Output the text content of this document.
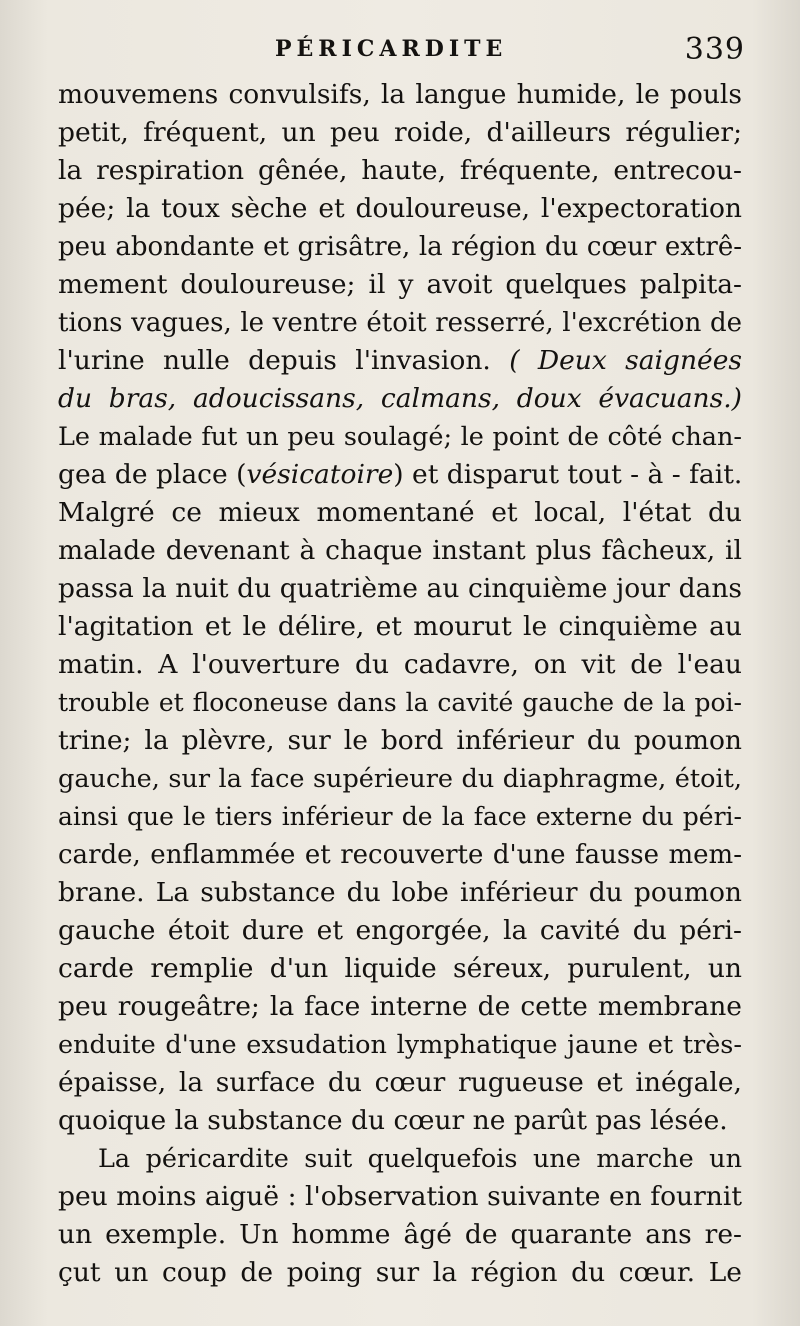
PÉRICARDITE	339
mouvemens convulsifs, la langue humide, le pouls
petit, fréquent, un peu roide, d'ailleurs régulier;
la respiration gênée, haute, fréquente, entrecou-
pée; la toux sèche et douloureuse, l'expectoration
peu abondante et grisâtre, la région du cœur extrê-
mement douloureuse; il y avoit quelques palpita-
tions vagues, le ventre étoit resserré, l'excrétion de
l'urine nulle depuis l'invasion. ( Deux saignées
du bras, adoucissans, calmans, doux évacuans.)
Le malade fut un peu soulagé; le point de côté chan-
gea de place (vésicatoire) et disparut tout - à - fait.
Malgré ce mieux momentané et local, l'état du
malade devenant à chaque instant plus fâcheux, il
passa la nuit du quatrième au cinquième jour dans
l'agitation et le délire, et mourut le cinquième au
matin. A l'ouverture du cadavre, on vit de l'eau
trouble et floconeuse dans la cavité gauche de la poi-
trine; la plèvre, sur le bord inférieur du poumon
gauche, sur la face supérieure du diaphragme, étoit,
ainsi que le tiers inférieur de la face externe du péri-
carde, enflammée et recouverte d'une fausse mem-
brane. La substance du lobe inférieur du poumon
gauche étoit dure et engorgée, la cavité du péri-
carde remplie d'un liquide séreux, purulent, un
peu rougeâtre; la face interne de cette membrane
enduite d'une exsudation lymphatique jaune et très-
épaisse, la surface du cœur rugueuse et inégale,
quoique la substance du cœur ne parût pas lésée.
La péricardite suit quelquefois une marche un
peu moins aiguë : l'observation suivante en fournit
un exemple. Un homme âgé de quarante ans re-
çut un coup de poing sur la région du cœur. Le
